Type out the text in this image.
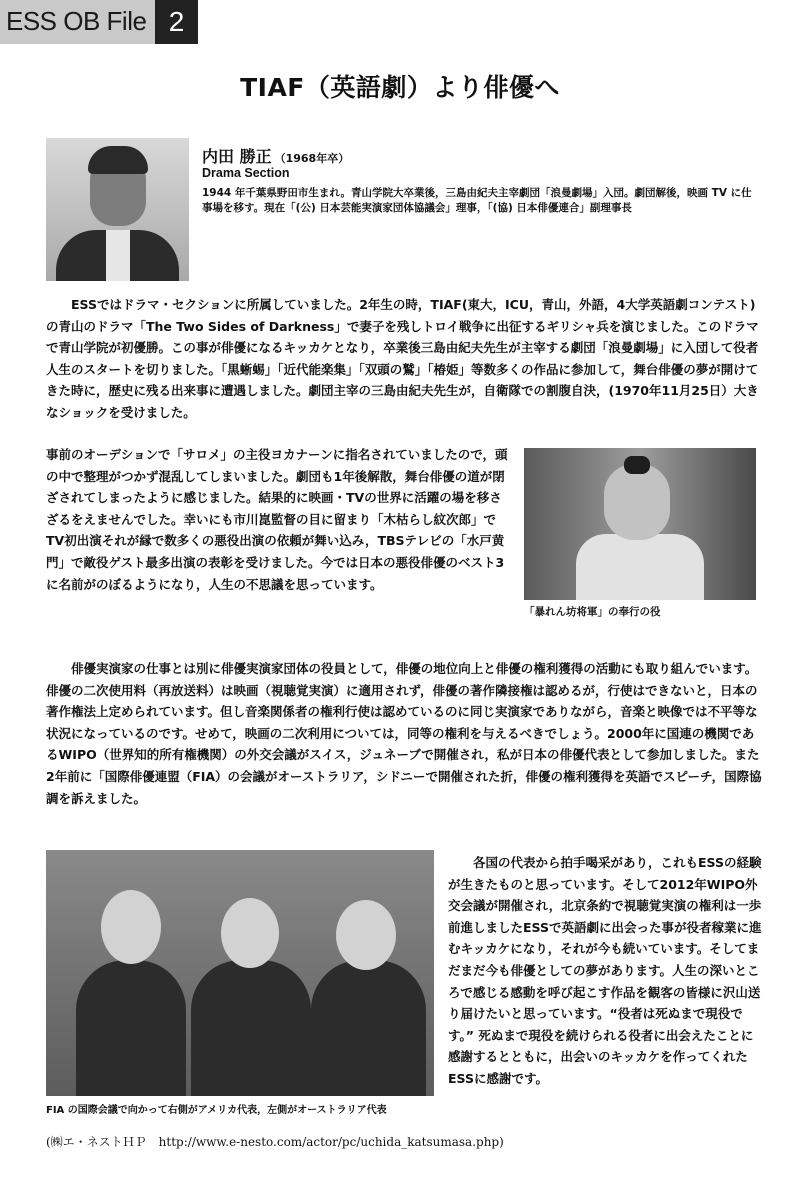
ESS OB File 2
TIAF（英語劇）より俳優へ
内田 勝正 （1968年卒）
Drama Section
1944 年千葉県野田市生まれ。青山学院大卒業後，三島由紀夫主宰劇団「浪曼劇場」入団。劇団解後，映画 TV に仕事場を移す。現在「(公) 日本芸能実演家団体協議会」理事，「(協) 日本俳優連合」副理事長

ESSではドラマ・セクションに所属していました。2年生の時，TIAF(東大，ICU，青山，外語，4大学英語劇コンテスト)の青山のドラマ「The Two Sides of Darkness」で妻子を残しトロイ戦争に出征するギリシャ兵を演じました。このドラマで青山学院が初優勝。この事が俳優になるキッカケとなり，卒業後三島由紀夫先生が主宰する劇団「浪曼劇場」に入団して役者人生のスタートを切りました。「黒蜥蜴」「近代能楽集」「双頭の鷲」「椿姫」等数多くの作品に参加して，舞台俳優の夢が開けてきた時に，歴史に残る出来事に遭遇しました。劇団主宰の三島由紀夫先生が，自衛隊での割腹自決，(1970年11月25日）大きなショックを受けました。

事前のオーデションで「サロメ」の主役ヨカナーンに指名されていましたので，頭の中で整理がつかず混乱してしまいました。劇団も1年後解散，舞台俳優の道が閉ざされてしまったように感じました。結果的に映画・TVの世界に活躍の場を移さざるをえませんでした。幸いにも市川崑監督の目に留まり「木枯らし紋次郎」でTV初出演それが縁で数多くの悪役出演の依頼が舞い込み，TBSテレビの「水戸黄門」で敵役ゲスト最多出演の表彰を受けました。今では日本の悪役俳優のベスト3に名前がのぼるようになり，人生の不思議を思っています。

「暴れん坊将軍」の奉行の役

俳優実演家の仕事とは別に俳優実演家団体の役員として，俳優の地位向上と俳優の権利獲得の活動にも取り組んでいます。俳優の二次使用料（再放送料）は映画（視聴覚実演）に適用されず，俳優の著作隣接権は認めるが，行使はできないと，日本の著作権法上定められています。但し音楽関係者の権利行使は認めているのに同じ実演家でありながら，音楽と映像では不平等な状況になっているのです。せめて，映画の二次利用については，同等の権利を与えるべきでしょう。2000年に国連の機関であるWIPO（世界知的所有権機関）の外交会議がスイス，ジュネーブで開催され，私が日本の俳優代表として参加しました。また2年前に「国際俳優連盟（FIA）の会議がオーストラリア，シドニーで開催された折，俳優の権利獲得を英語でスピーチ，国際協調を訴えました。

FIA の国際会議で向かって右側がアメリカ代表，左側がオーストラリア代表

各国の代表から拍手喝采があり，これもESSの経験が生きたものと思っています。そして2012年WIPO外交会議が開催され，北京条約で視聴覚実演の権利は一歩前進しましたESSで英語劇に出会った事が役者稼業に進むキッカケになり，それが今も続いています。そしてまだまだ今も俳優としての夢があります。人生の深いところで感じる感動を呼び起こす作品を観客の皆様に沢山送り届けたいと思っています。“役者は死ぬまで現役です。” 死ぬまで現役を続けられる役者に出会えたことに感謝するとともに，出会いのキッカケを作ってくれたESSに感謝です。

(㈱エ・ネストＨＰ　http://www.e-nesto.com/actor/pc/uchida_katsumasa.php)
